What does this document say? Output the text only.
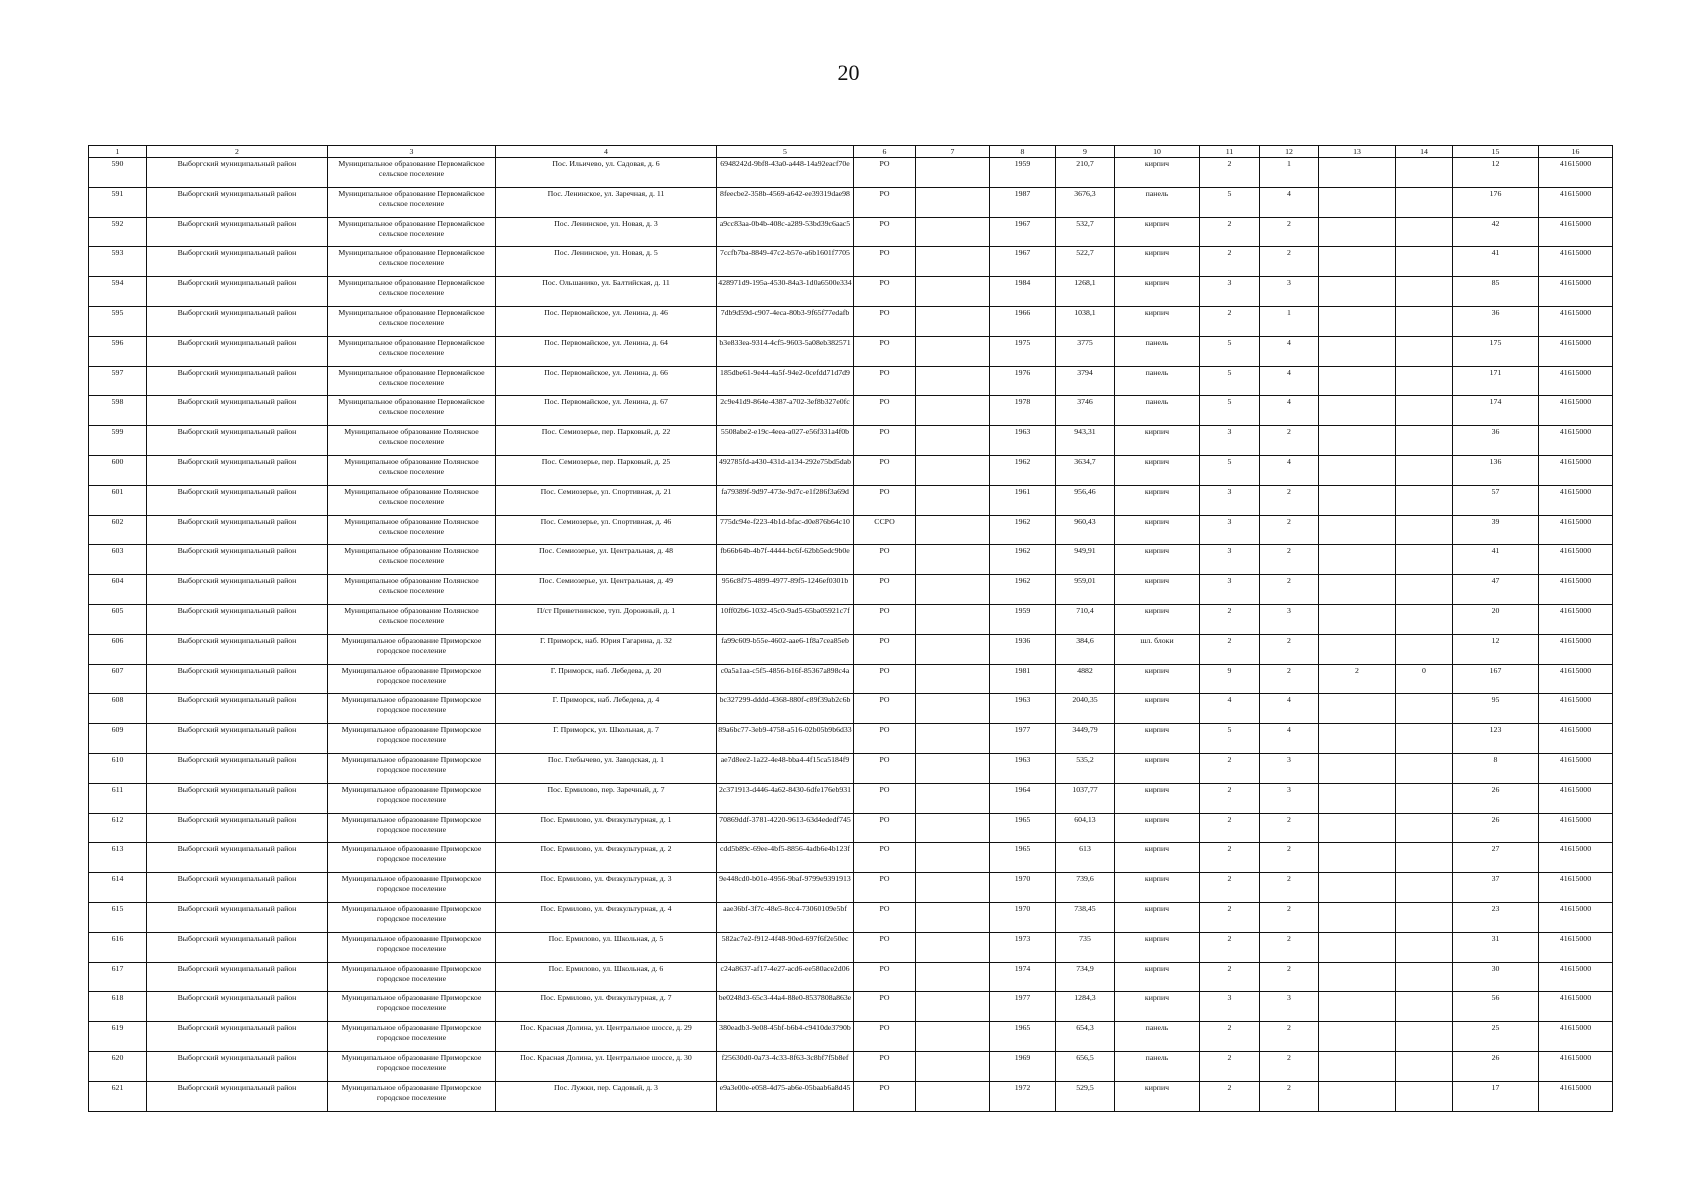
20
1	2	3	4	5	6	7	8	9	10	11	12	13	14	15	16
590	Выборгский муниципальный район	Муниципальное образование Первомайское сельское поселение	Пос. Ильичево, ул. Садовая, д. 6	6948242d-9bf8-43a0-a448-14a92eacf70e	РО		1959	210,7	кирпич	2	1			12	41615000
591	Выборгский муниципальный район	Муниципальное образование Первомайское сельское поселение	Пос. Ленинское, ул. Заречная, д. 11	8feecbe2-358b-4569-a642-ee39319dae98	РО		1987	3676,3	панель	5	4			176	41615000
592	Выборгский муниципальный район	Муниципальное образование Первомайское сельское поселение	Пос. Ленинское, ул. Новая, д. 3	a9cc83aa-0b4b-408c-a289-53bd39c6aac5	РО		1967	532,7	кирпич	2	2			42	41615000
593	Выборгский муниципальный район	Муниципальное образование Первомайское сельское поселение	Пос. Ленинское, ул. Новая, д. 5	7ccfb7ba-8849-47c2-b57e-a6b1601f7705	РО		1967	522,7	кирпич	2	2			41	41615000
594	Выборгский муниципальный район	Муниципальное образование Первомайское сельское поселение	Пос. Ольшанико, ул. Балтийская, д. 11	428971d9-195a-4530-84a3-1d0a6500e334	РО		1984	1268,1	кирпич	3	3			85	41615000
595	Выборгский муниципальный район	Муниципальное образование Первомайское сельское поселение	Пос. Первомайское, ул. Ленина, д. 46	7db9d59d-c907-4eca-80b3-9f65f77edafb	РО		1966	1038,1	кирпич	2	1			36	41615000
596	Выборгский муниципальный район	Муниципальное образование Первомайское сельское поселение	Пос. Первомайское, ул. Ленина, д. 64	b3e833ea-9314-4cf5-9603-5a08eb382571	РО		1975	3775	панель	5	4			175	41615000
597	Выборгский муниципальный район	Муниципальное образование Первомайское сельское поселение	Пос. Первомайское, ул. Ленина, д. 66	185dbe61-9e44-4a5f-94e2-0cefdd71d7d9	РО		1976	3794	панель	5	4			171	41615000
598	Выборгский муниципальный район	Муниципальное образование Первомайское сельское поселение	Пос. Первомайское, ул. Ленина, д. 67	2c9e41d9-864e-4387-a702-3ef8b327e0fc	РО		1978	3746	панель	5	4			174	41615000
599	Выборгский муниципальный район	Муниципальное образование Полянское сельское поселение	Пос. Семиозерье, пер. Парковый, д. 22	5508abe2-e19c-4eea-a027-e56f331a4f0b	РО		1963	943,31	кирпич	3	2			36	41615000
600	Выборгский муниципальный район	Муниципальное образование Полянское сельское поселение	Пос. Семиозерье, пер. Парковый, д. 25	492785fd-a430-431d-a134-292e75bd5dab	РО		1962	3634,7	кирпич	5	4			136	41615000
601	Выборгский муниципальный район	Муниципальное образование Полянское сельское поселение	Пос. Семиозерье, ул. Спортивная, д. 21	fa79389f-9d97-473e-9d7c-e1f286f3a69d	РО		1961	956,46	кирпич	3	2			57	41615000
602	Выборгский муниципальный район	Муниципальное образование Полянское сельское поселение	Пос. Семиозерье, ул. Спортивная, д. 46	775dc94e-f223-4b1d-bfac-d0e876b64c10	ССРО		1962	960,43	кирпич	3	2			39	41615000
603	Выборгский муниципальный район	Муниципальное образование Полянское сельское поселение	Пос. Семиозерье, ул. Центральная, д. 48	fb66b64b-4b7f-4444-bc6f-62bb5edc9b0e	РО		1962	949,91	кирпич	3	2			41	41615000
604	Выборгский муниципальный район	Муниципальное образование Полянское сельское поселение	Пос. Семиозерье, ул. Центральная, д. 49	956c8f75-4899-4977-89f5-1246ef0301b	РО		1962	959,01	кирпич	3	2			47	41615000
605	Выборгский муниципальный район	Муниципальное образование Полянское сельское поселение	П/ст Приветнинское, туп. Дорожный, д. 1	10ff02b6-1032-45c0-9ad5-65ba05921c7f	РО		1959	710,4	кирпич	2	3			20	41615000
606	Выборгский муниципальный район	Муниципальное образование Приморское городское поселение	Г. Приморск, наб. Юрия Гагарина, д. 32	fa99c609-b55e-4602-aae6-1f8a7cea85eb	РО		1936	384,6	шл. блоки	2	2			12	41615000
607	Выборгский муниципальный район	Муниципальное образование Приморское городское поселение	Г. Приморск, наб. Лебедева, д. 20	c0a5a1aa-c5f5-4856-b16f-85367a898c4a	РО		1981	4882	кирпич	9	2	2	0	167	41615000
608	Выборгский муниципальный район	Муниципальное образование Приморское городское поселение	Г. Приморск, наб. Лебедева, д. 4	bc327299-dddd-4368-880f-c89f39ab2c6b	РО		1963	2040,35	кирпич	4	4			95	41615000
609	Выборгский муниципальный район	Муниципальное образование Приморское городское поселение	Г. Приморск, ул. Школьная, д. 7	89a6bc77-3eb9-4758-a516-02b05b9b6d33	РО		1977	3449,79	кирпич	5	4			123	41615000
610	Выборгский муниципальный район	Муниципальное образование Приморское городское поселение	Пос. Глебычево, ул. Заводская, д. 1	ae7d8ee2-1a22-4e48-bba4-4f15ca5184f9	РО		1963	535,2	кирпич	2	3			8	41615000
611	Выборгский муниципальный район	Муниципальное образование Приморское городское поселение	Пос. Ермилово, пер. Заречный, д. 7	2c371913-d446-4a62-8430-6dfe176eb931	РО		1964	1037,77	кирпич	2	3			26	41615000
612	Выборгский муниципальный район	Муниципальное образование Приморское городское поселение	Пос. Ермилово, ул. Физкультурная, д. 1	70869ddf-3781-4220-9613-63d4ededf745	РО		1965	604,13	кирпич	2	2			26	41615000
613	Выборгский муниципальный район	Муниципальное образование Приморское городское поселение	Пос. Ермилово, ул. Физкультурная, д. 2	cdd5b89c-69ee-4bf5-8856-4adb6e4b123f	РО		1965	613	кирпич	2	2			27	41615000
614	Выборгский муниципальный район	Муниципальное образование Приморское городское поселение	Пос. Ермилово, ул. Физкультурная, д. 3	9e448cd0-b01e-4956-9baf-9799e9391913	РО		1970	739,6	кирпич	2	2			37	41615000
615	Выборгский муниципальный район	Муниципальное образование Приморское городское поселение	Пос. Ермилово, ул. Физкультурная, д. 4	aae36bf-3f7c-48e5-8cc4-73060109e5bf	РО		1970	738,45	кирпич	2	2			23	41615000
616	Выборгский муниципальный район	Муниципальное образование Приморское городское поселение	Пос. Ермилово, ул. Школьная, д. 5	582ac7e2-f912-4f48-90ed-697f6f2e50ec	РО		1973	735	кирпич	2	2			31	41615000
617	Выборгский муниципальный район	Муниципальное образование Приморское городское поселение	Пос. Ермилово, ул. Школьная, д. 6	c24a8637-af17-4e27-acd6-ee580ace2d06	РО		1974	734,9	кирпич	2	2			30	41615000
618	Выборгский муниципальный район	Муниципальное образование Приморское городское поселение	Пос. Ермилово, ул. Физкультурная, д. 7	be0248d3-65c3-44a4-88e0-8537808a863e	РО		1977	1284,3	кирпич	3	3			56	41615000
619	Выборгский муниципальный район	Муниципальное образование Приморское городское поселение	Пос. Красная Долина, ул. Центральное шоссе, д. 29	380eadb3-9e08-45bf-b6b4-c9410de3790b	РО		1965	654,3	панель	2	2			25	41615000
620	Выборгский муниципальный район	Муниципальное образование Приморское городское поселение	Пос. Красная Долина, ул. Центральное шоссе, д. 30	f25630d0-0a73-4c33-8f63-3c8bf7f5b8ef	РО		1969	656,5	панель	2	2			26	41615000
621	Выборгский муниципальный район	Муниципальное образование Приморское городское поселение	Пос. Лужки, пер. Садовый, д. 3	e9a3e00e-e058-4d75-ab6e-05baab6a8d45	РО		1972	529,5	кирпич	2	2			17	41615000
